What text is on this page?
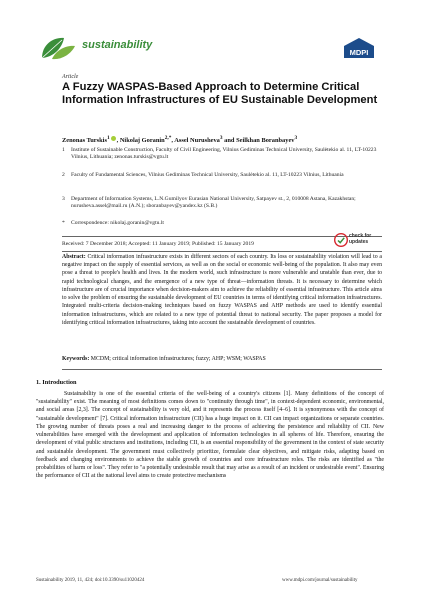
sustainability
MDPI
Article
A Fuzzy WASPAS-Based Approach to Determine Critical Information Infrastructures of EU Sustainable Development
Zenonas Turskis$^1$ , Nikolaj Goranin$^{2,*}$, Assel Nurusheva$^3$ and Seilkhan Boranbayev$^3$
1 Institute of Sustainable Construction, Faculty of Civil Engineering, Vilnius Gediminas Technical University, Saulėtekio al. 11, LT-10223 Vilnius, Lithuania; zenonas.turskis@vgtu.lt
2 Faculty of Fundamental Sciences, Vilnius Gediminas Technical University, Saulėtekio al. 11, LT-10223 Vilnius, Lithuania
3 Department of Information Systems, L.N.Gumilyov Eurasian National University, Satpayev st., 2, 010008 Astana, Kazakhstan; nurusheva.assel@mail.ru (A.N.); sboranbayev@yandex.kz (S.B.)
* Correspondence: nikolaj.goranin@vgtu.lt
Received: 7 December 2018; Accepted: 11 January 2019; Published: 15 January 2019
check for
updates
Abstract: Critical information infrastructure exists in different sectors of each country. Its loss or sustainability violation will lead to a negative impact on the supply of essential services, as well as on the social or economic well-being of the population. It also may even pose a threat to people's health and lives. In the modern world, such infrastructure is more vulnerable and unstable than ever, due to rapid technological changes, and the emergence of a new type of threat—information threats. It is necessary to determine which infrastructure are of crucial importance when decision-makers aim to achieve the reliability of essential infrastructure. This article aims to solve the problem of ensuring the sustainable development of EU countries in terms of identifying critical information infrastructures. Integrated multi-criteria decision-making techniques based on fuzzy WASPAS and AHP methods are used to identify essential information infrastructures, which are related to a new type of potential threat to national security. The paper proposes a model for identifying critical information infrastructures, taking into account the sustainable development of countries.
Keywords: MCDM; critical information infrastructures; fuzzy; AHP; WSM; WASPAS
1. Introduction
Sustainability is one of the essential criteria of the well-being of a country's citizens [1]. Many definitions of the concept of "sustainability" exist. The meaning of most definitions comes down to "continuity through time", in context-dependent economic, environmental, and social areas [2,3]. The concept of sustainability is very old, and it represents the process itself [4–6]. It is synonymous with the concept of "sustainable development" [7]. Critical information infrastructure (CII) has a huge impact on it. CII can impact organizations or separate countries. The growing number of threats poses a real and increasing danger to the process of achieving the persistence and reliability of CII. New vulnerabilities have emerged with the development and application of information technologies in all spheres of life. Therefore, ensuring the development of vital public structures and institutions, including CII, is an essential responsibility of the government in the context of state security and sustainable development. The government must collectively prioritize, formulate clear objectives, and mitigate risks, adapting based on feedback and changing environments to achieve the stable growth of countries and core infrastructure roles. The risks are identified as "the probabilities of harm or loss". They refer to "a potentially undesirable result that may arise as a result of an incident or undesirable event". Ensuring the performance of CII at the national level aims to create protective mechanisms
Sustainability 2019, 11, 424; doi:10.3390/su11020424	www.mdpi.com/journal/sustainability
